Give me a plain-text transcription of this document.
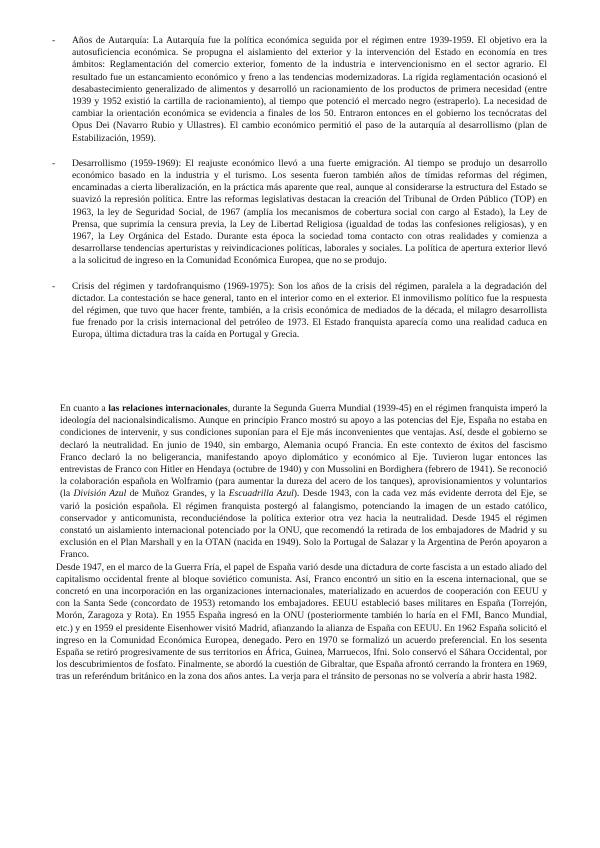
- Años de Autarquía: La Autarquía fue la política económica seguida por el régimen entre 1939-1959. El objetivo era la autosuficiencia económica. Se propugna el aislamiento del exterior y la intervención del Estado en economía en tres ámbitos: Reglamentación del comercio exterior, fomento de la industria e intervencionismo en el sector agrario. El resultado fue un estancamiento económico y freno a las tendencias modernizadoras. La rígida reglamentación ocasionó el desabastecimiento generalizado de alimentos y desarrolló un racionamiento de los productos de primera necesidad (entre 1939 y 1952 existió la cartilla de racionamiento), al tiempo que potenció el mercado negro (estraperlo). La necesidad de cambiar la orientación económica se evidencia a finales de los 50. Entraron entonces en el gobierno los tecnócratas del Opus Dei (Navarro Rubio y Ullastres). El cambio económico permitió el paso de la autarquía al desarrollismo (plan de Estabilización, 1959).
- Desarrollismo (1959-1969): El reajuste económico llevó a una fuerte emigración. Al tiempo se produjo un desarrollo económico basado en la industria y el turismo. Los sesenta fueron también años de tímidas reformas del régimen, encaminadas a cierta liberalización, en la práctica más aparente que real, aunque al considerarse la estructura del Estado se suavizó la represión política. Entre las reformas legislativas destacan la creación del Tribunal de Orden Público (TOP) en 1963, la ley de Seguridad Social, de 1967 (amplía los mecanismos de cobertura social con cargo al Estado), la Ley de Prensa, que suprimía la censura previa, la Ley de Libertad Religiosa (igualdad de todas las confesiones religiosas), y en 1967, la Ley Orgánica del Estado. Durante esta época la sociedad toma contacto con otras realidades y comienza a desarrollarse tendencias aperturistas y reivindicaciones políticas, laborales y sociales. La política de apertura exterior llevó a la solicitud de ingreso en la Comunidad Económica Europea, que no se produjo.
- Crisis del régimen y tardofranquismo (1969-1975): Son los años de la crisis del régimen, paralela a la degradación del dictador. La contestación se hace general, tanto en el interior como en el exterior. El inmovilismo político fue la respuesta del régimen, que tuvo que hacer frente, también, a la crisis económica de mediados de la década, el milagro desarrollista fue frenado por la crisis internacional del petróleo de 1973. El Estado franquista aparecía como una realidad caduca en Europa, última dictadura tras la caída en Portugal y Grecia.

En cuanto a las relaciones internacionales, durante la Segunda Guerra Mundial (1939-45) en el régimen franquista imperó la ideología del nacionalsindicalismo. Aunque en principio Franco mostró su apoyo a las potencias del Eje, España no estaba en condiciones de intervenir, y sus condiciones suponían para el Eje más inconvenientes que ventajas. Así, desde el gobierno se declaró la neutralidad. En junio de 1940, sin embargo, Alemania ocupó Francia. En este contexto de éxitos del fascismo Franco declaró la no beligerancia, manifestando apoyo diplomático y económico al Eje. Tuvieron lugar entonces las entrevistas de Franco con Hitler en Hendaya (octubre de 1940) y con Mussolini en Bordighera (febrero de 1941). Se reconoció la colaboración española en Wolframio (para aumentar la dureza del acero de los tanques), aprovisionamientos y voluntarios (la División Azul de Muñoz Grandes, y la Escuadrilla Azul). Desde 1943, con la cada vez más evidente derrota del Eje, se varió la posición española. El régimen franquista postergó al falangismo, potenciando la imagen de un estado católico, conservador y anticomunista, reconduciéndose la política exterior otra vez hacia la neutralidad. Desde 1945 el régimen constató un aislamiento internacional potenciado por la ONU, que recomendó la retirada de los embajadores de Madrid y su exclusión en el Plan Marshall y en la OTAN (nacida en 1949). Solo la Portugal de Salazar y la Argentina de Perón apoyaron a Franco.

Desde 1947, en el marco de la Guerra Fría, el papel de España varió desde una dictadura de corte fascista a un estado aliado del capitalismo occidental frente al bloque soviético comunista. Así, Franco encontró un sitio en la escena internacional, que se concretó en una incorporación en las organizaciones internacionales, materializado en acuerdos de cooperación con EEUU y con la Santa Sede (concordato de 1953) retomando los embajadores. EEUU estableció bases militares en España (Torrejón, Morón, Zaragoza y Rota). En 1955 España ingresó en la ONU (posteriormente también lo haría en el FMI, Banco Mundial, etc.) y en 1959 el presidente Eisenhower visitó Madrid, afianzando la alianza de España con EEUU. En 1962 España solicitó el ingreso en la Comunidad Económica Europea, denegado. Pero en 1970 se formalizó un acuerdo preferencial. En los sesenta España se retiró progresivamente de sus territorios en África, Guinea, Marruecos, Ifni. Solo conservó el Sáhara Occidental, por los descubrimientos de fosfato. Finalmente, se abordó la cuestión de Gibraltar, que España afrontó cerrando la frontera en 1969, tras un referéndum británico en la zona dos años antes. La verja para el tránsito de personas no se volvería a abrir hasta 1982.
